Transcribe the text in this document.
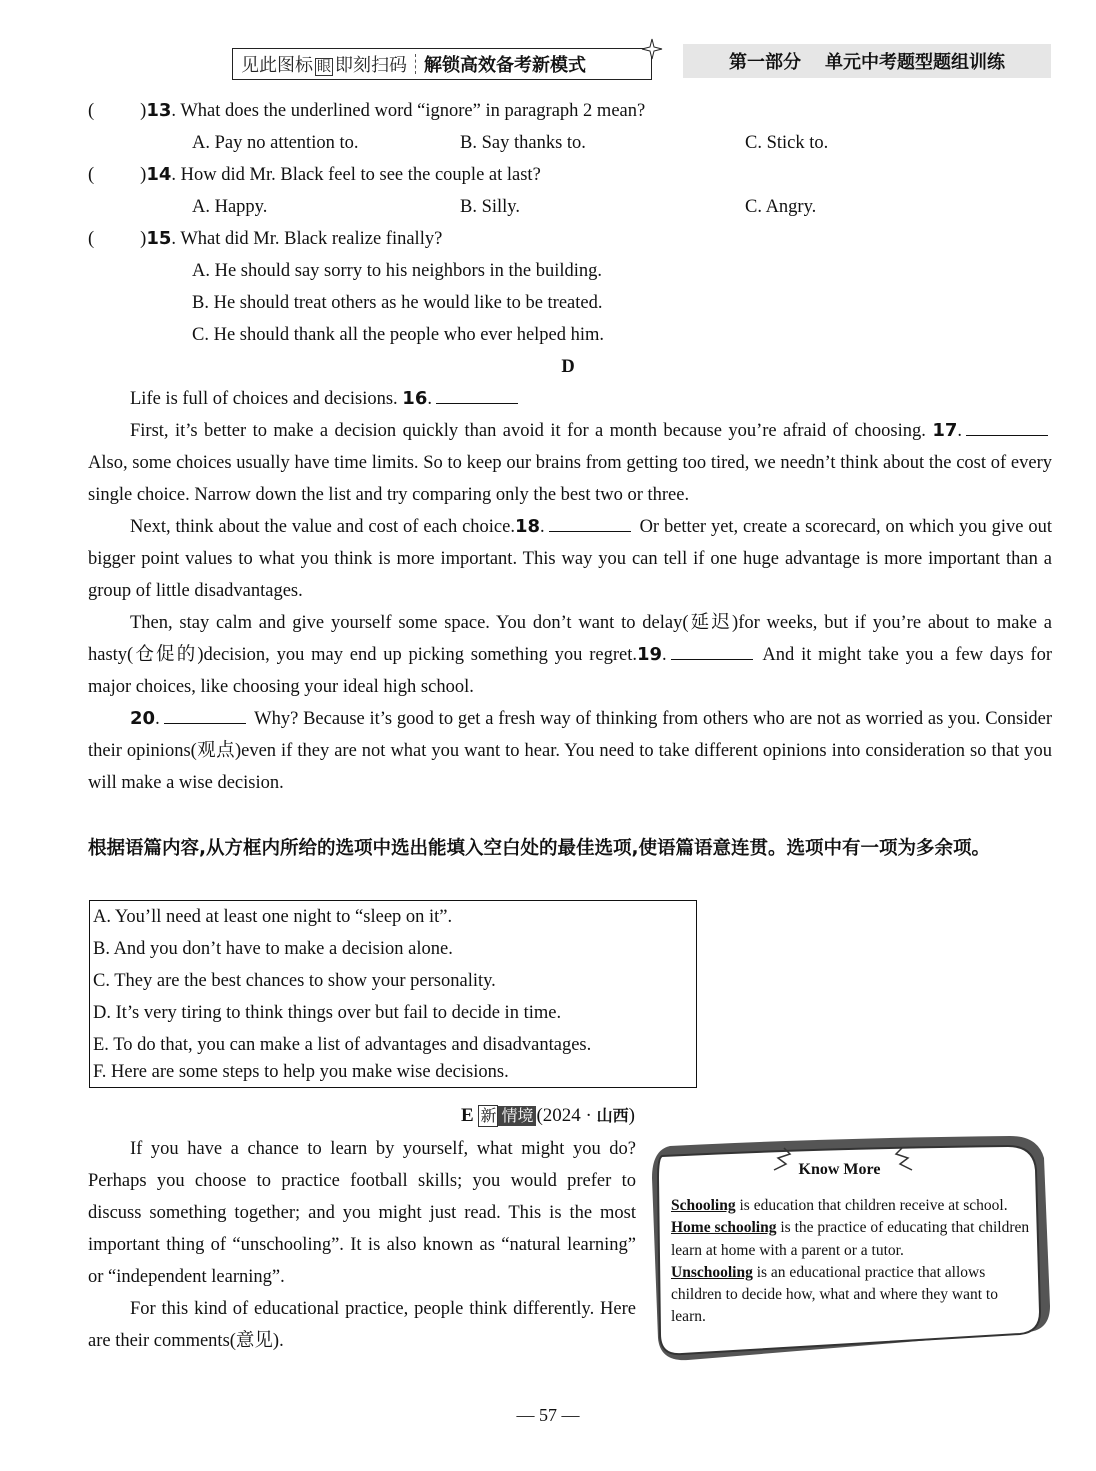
见此图标 眼 即刻扫码 解锁高效备考新模式	第一部分 单元中考题型题组训练
( )13. What does the underlined word “ignore” in paragraph 2 mean?
A. Pay no attention to.	B. Say thanks to.	C. Stick to.
( )14. How did Mr. Black feel to see the couple at last?
A. Happy.	B. Silly.	C. Angry.
( )15. What did Mr. Black realize finally?
A. He should say sorry to his neighbors in the building.
B. He should treat others as he would like to be treated.
C. He should thank all the people who ever helped him.
D

Life is full of choices and decisions. 16.

First, it’s better to make a decision quickly than avoid it for a month because you’re afraid of choosing. 17. Also, some choices usually have time limits. So to keep our brains from getting too tired, we needn’t think about the cost of every single choice. Narrow down the list and try comparing only the best two or three.

Next, think about the value and cost of each choice.18.	Or better yet, create a scorecard, on which you give out bigger point values to what you think is more important. This way you can tell if one huge advantage is more important than a group of little disadvantages.

Then, stay calm and give yourself some space. You don’t want to delay(延迟)for weeks, but if you’re about to make a hasty(仓促的)decision, you may end up picking something you regret.19.	And it might take you a few days for major choices, like choosing your ideal high school.

20.	Why? Because it’s good to get a fresh way of thinking from others who are not as worried as you. Consider their opinions(观点)even if they are not what you want to hear. You need to take different opinions into consideration so that you will make a wise decision.

根据语篇内容,从方框内所给的选项中选出能填入空白处的最佳选项,使语篇语意连贯。选项中有一项为多余项。
A. You’ll need at least one night to “sleep on it”.
B. And you don’t have to make a decision alone.
C. They are the best chances to show your personality.
D. It’s very tiring to think things over but fail to decide in time.
E. To do that, you can make a list of advantages and disadvantages.
F. Here are some steps to help you make wise decisions.
E 新 情境 (2024 · 山西)

If you have a chance to learn by yourself, what might you do? Perhaps you choose to practice football skills; you would prefer to discuss something together; and you might just read. This is the most important thing of “unschooling”. It is also known as “natural learning” or “independent learning”.

For this kind of educational practice, people think differently. Here are their comments(意见).

Know More
Schooling is education that children receive at school.
Home schooling is the practice of educating that children learn at home with a parent or a tutor.
Unschooling is an educational practice that allows children to decide how, what and where they want to learn.
— 57 —
